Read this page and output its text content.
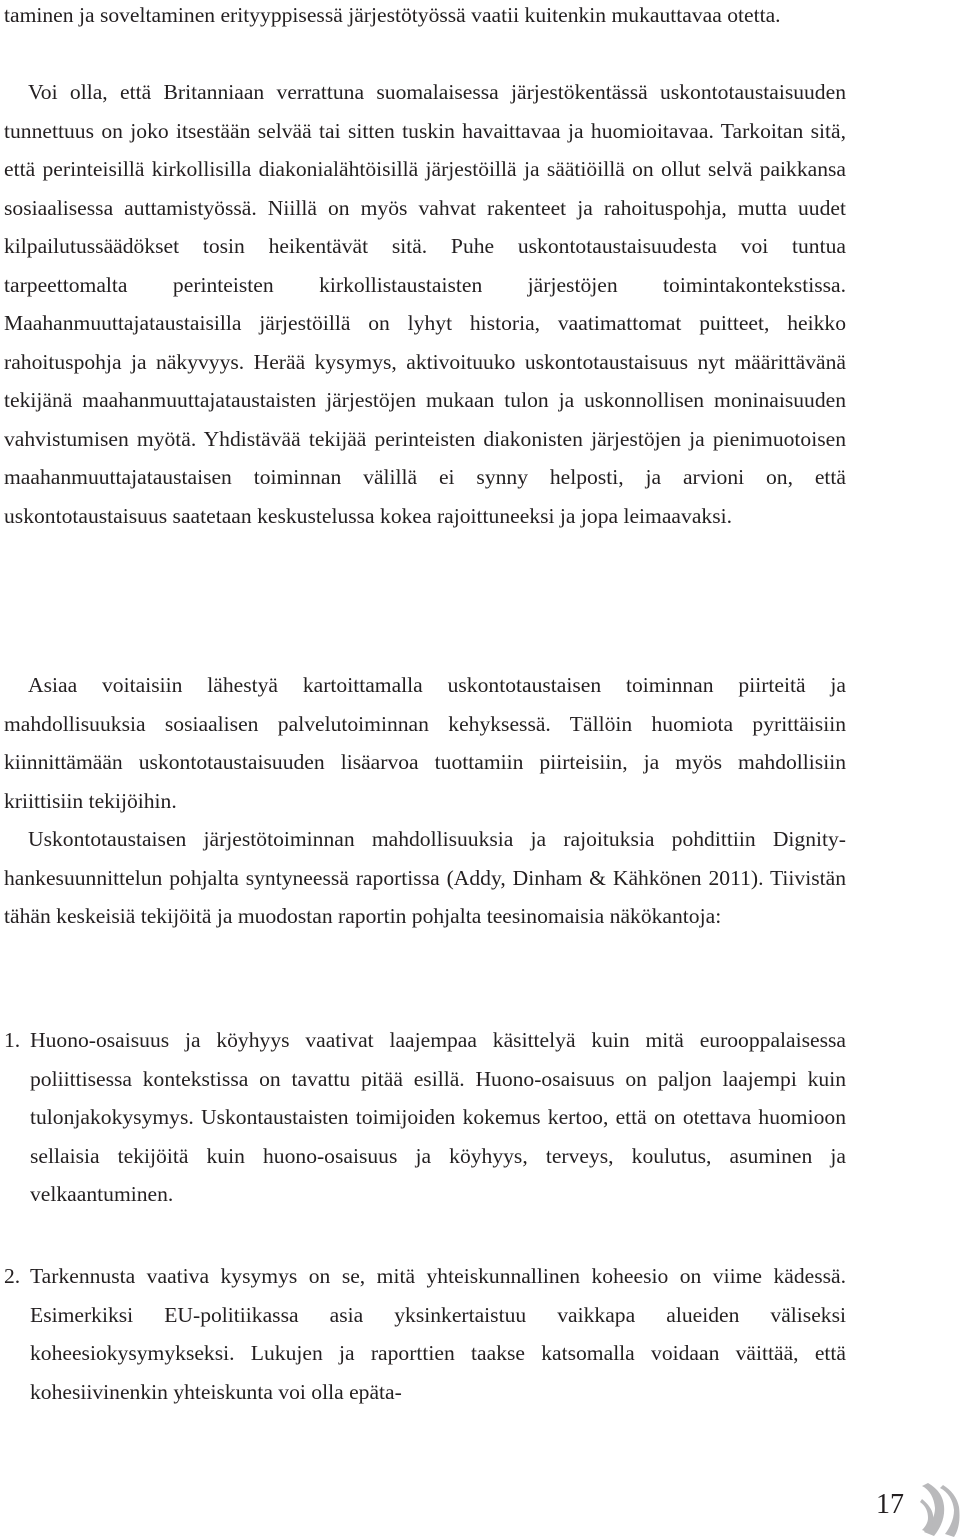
taminen ja soveltaminen erityyppisessä järjestötyössä vaatii kuitenkin mukauttavaa otetta.

Voi olla, että Britanniaan verrattuna suomalaisessa järjestökentässä uskontotaustaisuuden tunnettuus on joko itsestään selvää tai sitten tuskin havaittavaa ja huomioitavaa. Tarkoitan sitä, että perinteisillä kirkollisilla diakonialähtöisillä järjestöillä ja säätiöillä on ollut selvä paikkansa sosiaalisessa auttamistyössä. Niillä on myös vahvat rakenteet ja rahoituspohja, mutta uudet kilpailutussäädökset tosin heikentävät sitä. Puhe uskontotaustaisuudesta voi tuntua tarpeettomalta perinteisten kirkollistaustaisten järjestöjen toimintakontekstissa. Maahanmuuttajataustaisilla järjestöillä on lyhyt historia, vaatimattomat puitteet, heikko rahoituspohja ja näkyvyys. Herää kysymys, aktivoituuko uskontotaustaisuus nyt määrittävänä tekijänä maahanmuuttajataustaisten järjestöjen mukaan tulon ja uskonnollisen moninaisuuden vahvistumisen myötä. Yhdistävää tekijää perinteisten diakonisten järjestöjen ja pienimuotoisen maahanmuuttajataustaisen toiminnan välillä ei synny helposti, ja arvioni on, että uskontotaustaisuus saatetaan keskustelussa kokea rajoittuneeksi ja jopa leimaavaksi.

Asiaa voitaisiin lähestyä kartoittamalla uskontotaustaisen toiminnan piirteitä ja mahdollisuuksia sosiaalisen palvelutoiminnan kehyksessä. Tällöin huomiota pyrittäisiin kiinnittämään uskontotaustaisuuden lisäarvoa tuottamiin piirteisiin, ja myös mahdollisiin kriittisiin tekijöihin.

Uskontotaustaisen järjestötoiminnan mahdollisuuksia ja rajoituksia pohdittiin Dignity-hankesuunnittelun pohjalta syntyneessä raportissa (Addy, Dinham & Kähkönen 2011). Tiivistän tähän keskeisiä tekijöitä ja muodostan raportin pohjalta teesinomaisia näkökantoja:

1. Huono-osaisuus ja köyhyys vaativat laajempaa käsittelyä kuin mitä eurooppalaisessa poliittisessa kontekstissa on tavattu pitää esillä. Huono-osaisuus on paljon laajempi kuin tulonjakokysymys. Uskontaustaisten toimijoiden kokemus kertoo, että on otettava huomioon sellaisia tekijöitä kuin huono-osaisuus ja köyhyys, terveys, koulutus, asuminen ja velkaantuminen.
2. Tarkennusta vaativa kysymys on se, mitä yhteiskunnallinen koheesio on viime kädessä. Esimerkiksi EU-politiikassa asia yksinkertaistuu vaikkapa alueiden väliseksi koheesiokysymykseksi. Lukujen ja raporttien taakse katsomalla voidaan väittää, että kohesiivinenkin yhteiskunta voi olla epäta-
17
